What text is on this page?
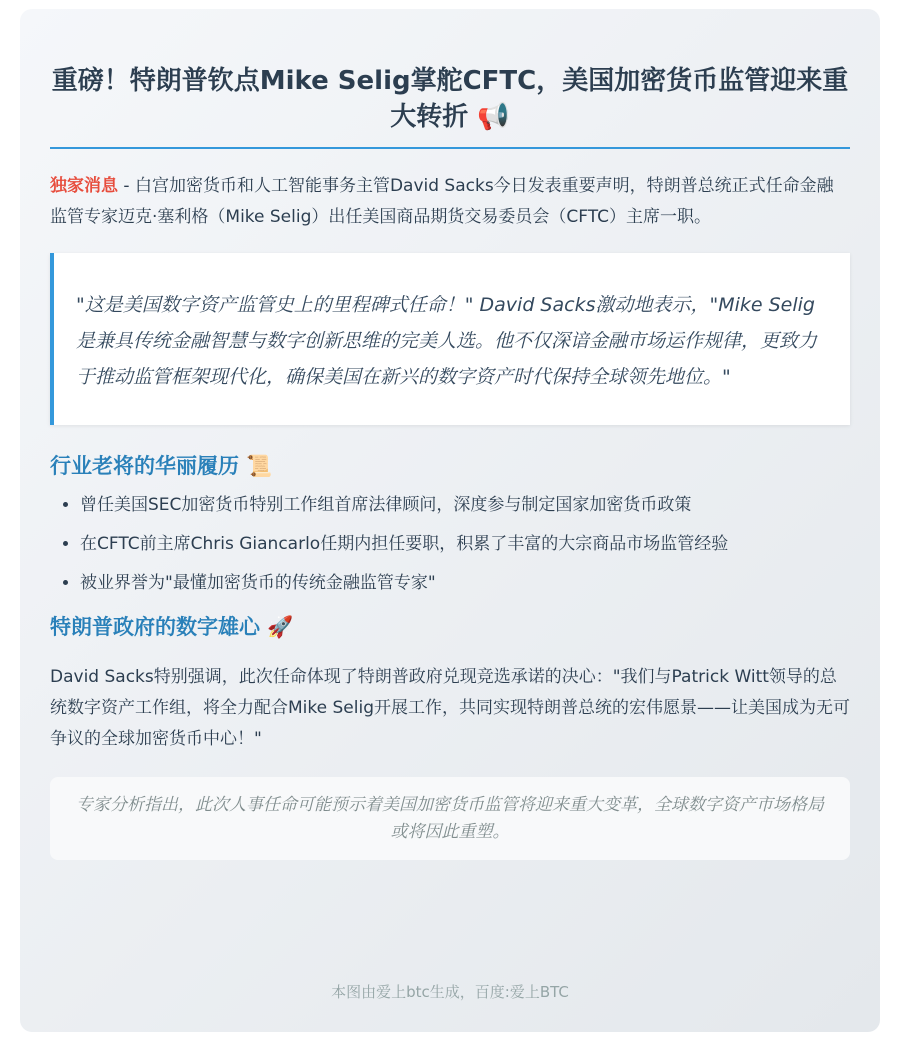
重磅！特朗普钦点Mike Selig掌舵CFTC，美国加密货币监管迎来重大转折 📢

独家消息 - 白宫加密货币和人工智能事务主管David Sacks今日发表重要声明，特朗普总统正式任命金融监管专家迈克·塞利格（Mike Selig）出任美国商品期货交易委员会（CFTC）主席一职。

"这是美国数字资产监管史上的里程碑式任命！" David Sacks激动地表示，"Mike Selig是兼具传统金融智慧与数字创新思维的完美人选。他不仅深谙金融市场运作规律，更致力于推动监管框架现代化，确保美国在新兴的数字资产时代保持全球领先地位。"
行业老将的华丽履历 📜
• 曾任美国SEC加密货币特别工作组首席法律顾问，深度参与制定国家加密货币政策
• 在CFTC前主席Chris Giancarlo任期内担任要职，积累了丰富的大宗商品市场监管经验
• 被业界誉为"最懂加密货币的传统金融监管专家"
特朗普政府的数字雄心 🚀

David Sacks特别强调，此次任命体现了特朗普政府兑现竞选承诺的决心："我们与Patrick Witt领导的总统数字资产工作组，将全力配合Mike Selig开展工作，共同实现特朗普总统的宏伟愿景——让美国成为无可争议的全球加密货币中心！"

专家分析指出，此次人事任命可能预示着美国加密货币监管将迎来重大变革，全球数字资产市场格局或将因此重塑。
本图由爱上btc生成，百度:爱上BTC
